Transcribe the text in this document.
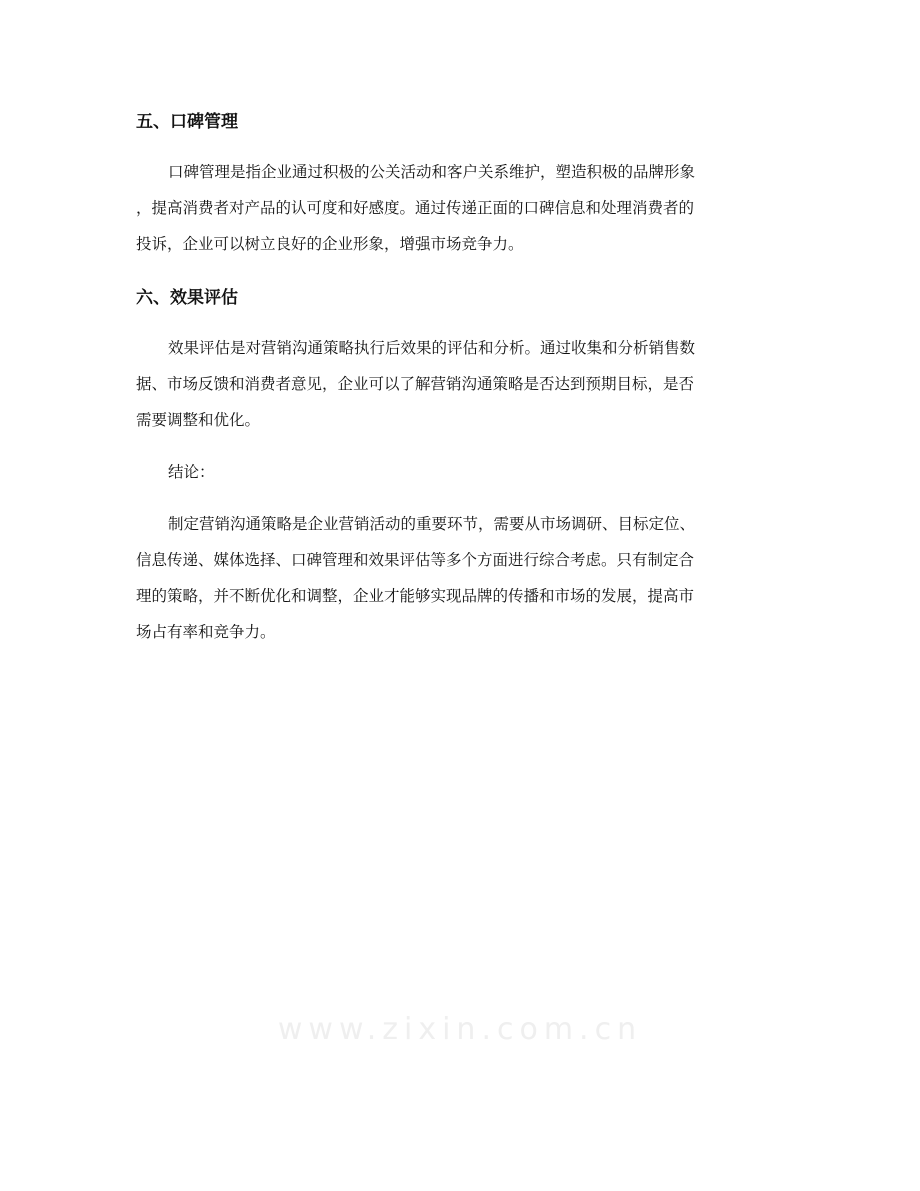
五、口碑管理

口碑管理是指企业通过积极的公关活动和客户关系维护，塑造积极的品牌形象
，提高消费者对产品的认可度和好感度。通过传递正面的口碑信息和处理消费者的
投诉，企业可以树立良好的企业形象，增强市场竞争力。

六、效果评估

效果评估是对营销沟通策略执行后效果的评估和分析。通过收集和分析销售数
据、市场反馈和消费者意见，企业可以了解营销沟通策略是否达到预期目标，是否
需要调整和优化。
结论：
制定营销沟通策略是企业营销活动的重要环节，需要从市场调研、目标定位、
信息传递、媒体选择、口碑管理和效果评估等多个方面进行综合考虑。只有制定合
理的策略，并不断优化和调整，企业才能够实现品牌的传播和市场的发展，提高市
场占有率和竞争力。
www.zixin.com.cn
